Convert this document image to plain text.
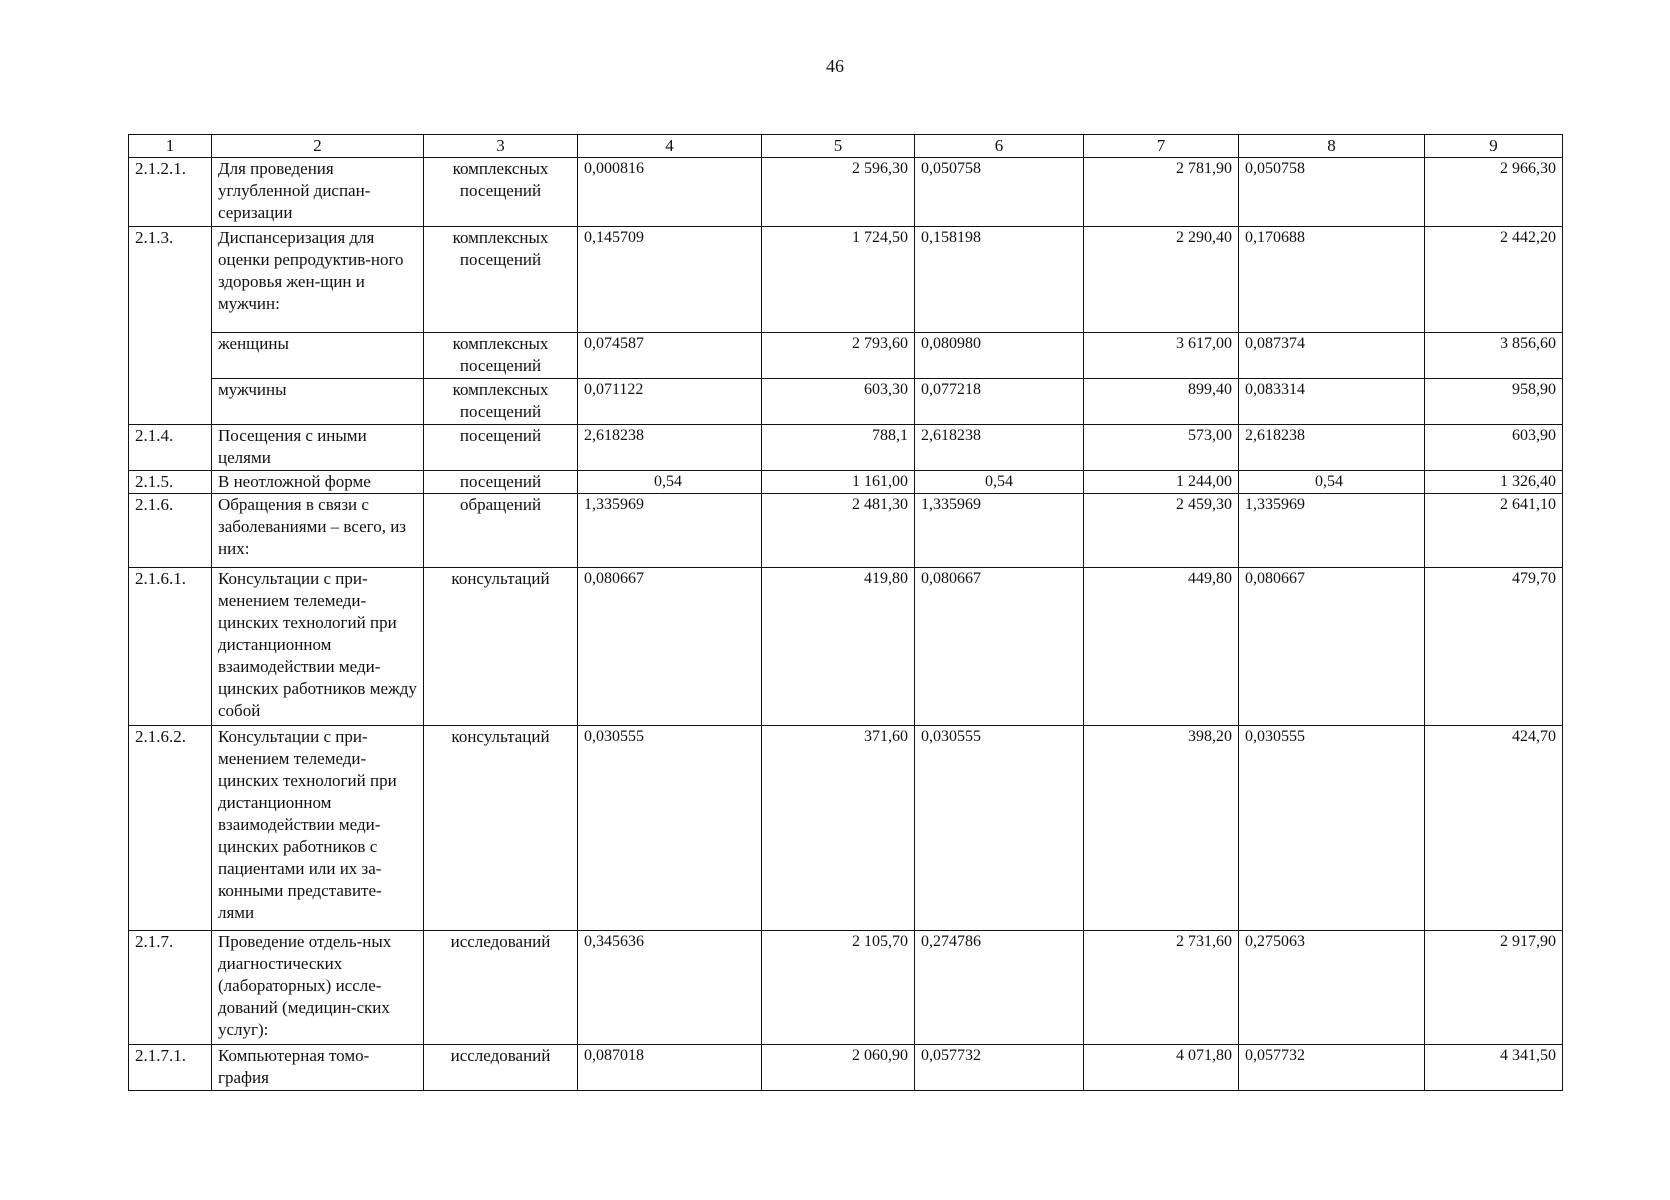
46
1	2	3	4	5	6	7	8	9
2.1.2.1.	Для проведения углубленной диспан-серизации	комплексных посещений	0,000816	2 596,30	0,050758	2 781,90	0,050758	2 966,30
2.1.3.	Диспансеризация для оценки репродуктив-ного здоровья жен-щин и мужчин:	комплексных посещений	0,145709	1 724,50	0,158198	2 290,40	0,170688	2 442,20
	женщины	комплексных посещений	0,074587	2 793,60	0,080980	3 617,00	0,087374	3 856,60
	мужчины	комплексных посещений	0,071122	603,30	0,077218	899,40	0,083314	958,90
2.1.4.	Посещения с иными целями	посещений	2,618238	788,1	2,618238	573,00	2,618238	603,90
2.1.5.	В неотложной форме	посещений	0,54	1 161,00	0,54	1 244,00	0,54	1 326,40
2.1.6.	Обращения в связи с заболеваниями – всего, из них:	обращений	1,335969	2 481,30	1,335969	2 459,30	1,335969	2 641,10
2.1.6.1.	Консультации с при-менением телемеди-цинских технологий при дистанционном взаимодействии меди-цинских работников между собой	консультаций	0,080667	419,80	0,080667	449,80	0,080667	479,70
2.1.6.2.	Консультации с при-менением телемеди-цинских технологий при дистанционном взаимодействии меди-цинских работников с пациентами или их за-конными представите-лями	консультаций	0,030555	371,60	0,030555	398,20	0,030555	424,70
2.1.7.	Проведение отдель-ных диагностических (лабораторных) иссле-дований (медицин-ских услуг):	исследований	0,345636	2 105,70	0,274786	2 731,60	0,275063	2 917,90
2.1.7.1.	Компьютерная томо-графия	исследований	0,087018	2 060,90	0,057732	4 071,80	0,057732	4 341,50
